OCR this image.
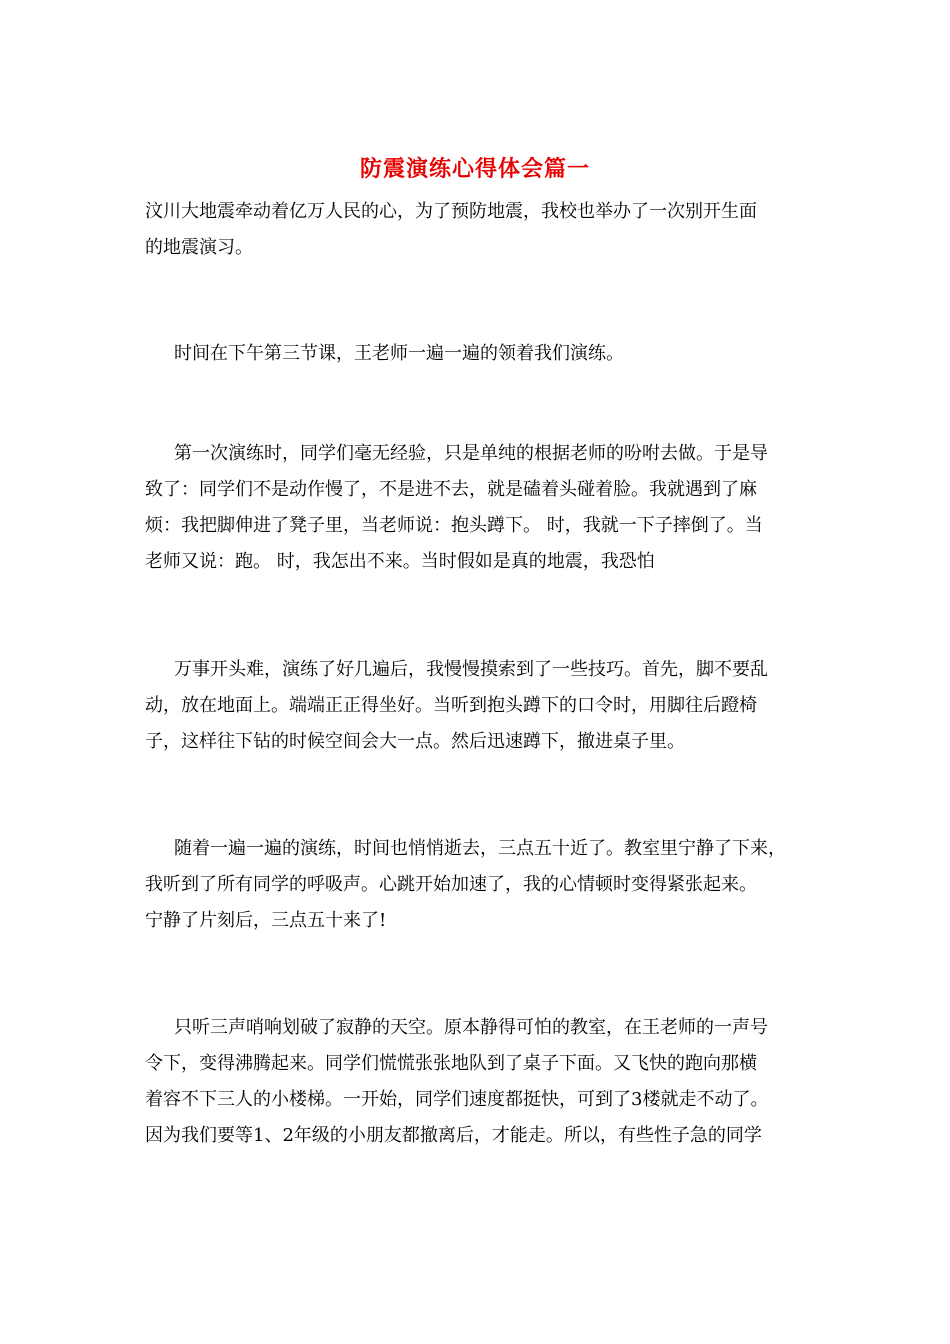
防震演练心得体会篇一
汶川大地震牵动着亿万人民的心，为了预防地震，我校也举办了一次别开生面
的地震演习。
时间在下午第三节课，王老师一遍一遍的领着我们演练。
第一次演练时，同学们毫无经验，只是单纯的根据老师的吩咐去做。于是导
致了：同学们不是动作慢了，不是进不去，就是磕着头碰着脸。我就遇到了麻
烦：我把脚伸进了凳子里，当老师说：抱头蹲下。 时，我就一下子摔倒了。当
老师又说：跑。 时，我怎出不来。当时假如是真的地震，我恐怕
万事开头难，演练了好几遍后，我慢慢摸索到了一些技巧。首先，脚不要乱
动，放在地面上。端端正正得坐好。当听到抱头蹲下的口令时，用脚往后蹬椅
子，这样往下钻的时候空间会大一点。然后迅速蹲下，撤进桌子里。
随着一遍一遍的演练，时间也悄悄逝去，三点五十近了。教室里宁静了下来，
我听到了所有同学的呼吸声。心跳开始加速了，我的心情顿时变得紧张起来。
宁静了片刻后，三点五十来了!
只听三声哨响划破了寂静的天空。原本静得可怕的教室，在王老师的一声号
令下，变得沸腾起来。同学们慌慌张张地队到了桌子下面。又飞快的跑向那横
着容不下三人的小楼梯。一开始，同学们速度都挺快，可到了3楼就走不动了。
因为我们要等1、2年级的小朋友都撤离后，才能走。所以，有些性子急的同学
